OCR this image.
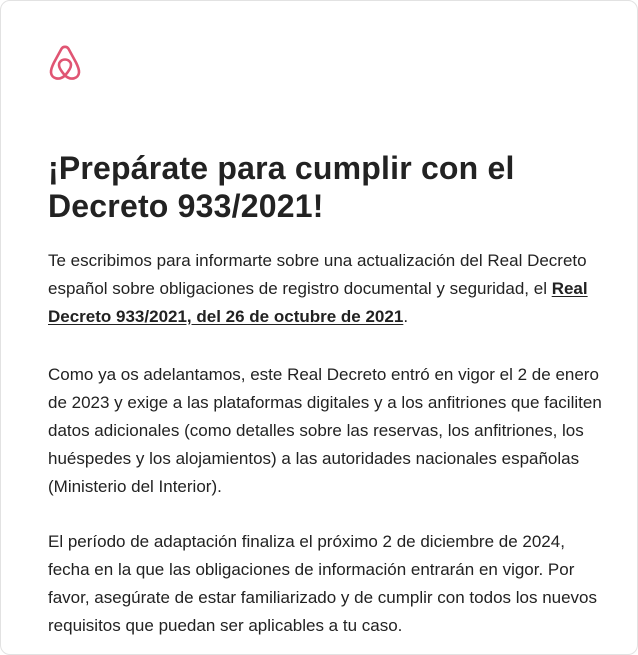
¡Prepárate para cumplir con el Decreto 933/2021!

Te escribimos para informarte sobre una actualización del Real Decreto español sobre obligaciones de registro documental y seguridad, el Real Decreto 933/2021, del 26 de octubre de 2021.

Como ya os adelantamos, este Real Decreto entró en vigor el 2 de enero de 2023 y exige a las plataformas digitales y a los anfitriones que faciliten datos adicionales (como detalles sobre las reservas, los anfitriones, los huéspedes y los alojamientos) a las autoridades nacionales españolas (Ministerio del Interior).

El período de adaptación finaliza el próximo 2 de diciembre de 2024, fecha en la que las obligaciones de información entrarán en vigor. Por favor, asegúrate de estar familiarizado y de cumplir con todos los nuevos requisitos que puedan ser aplicables a tu caso.
